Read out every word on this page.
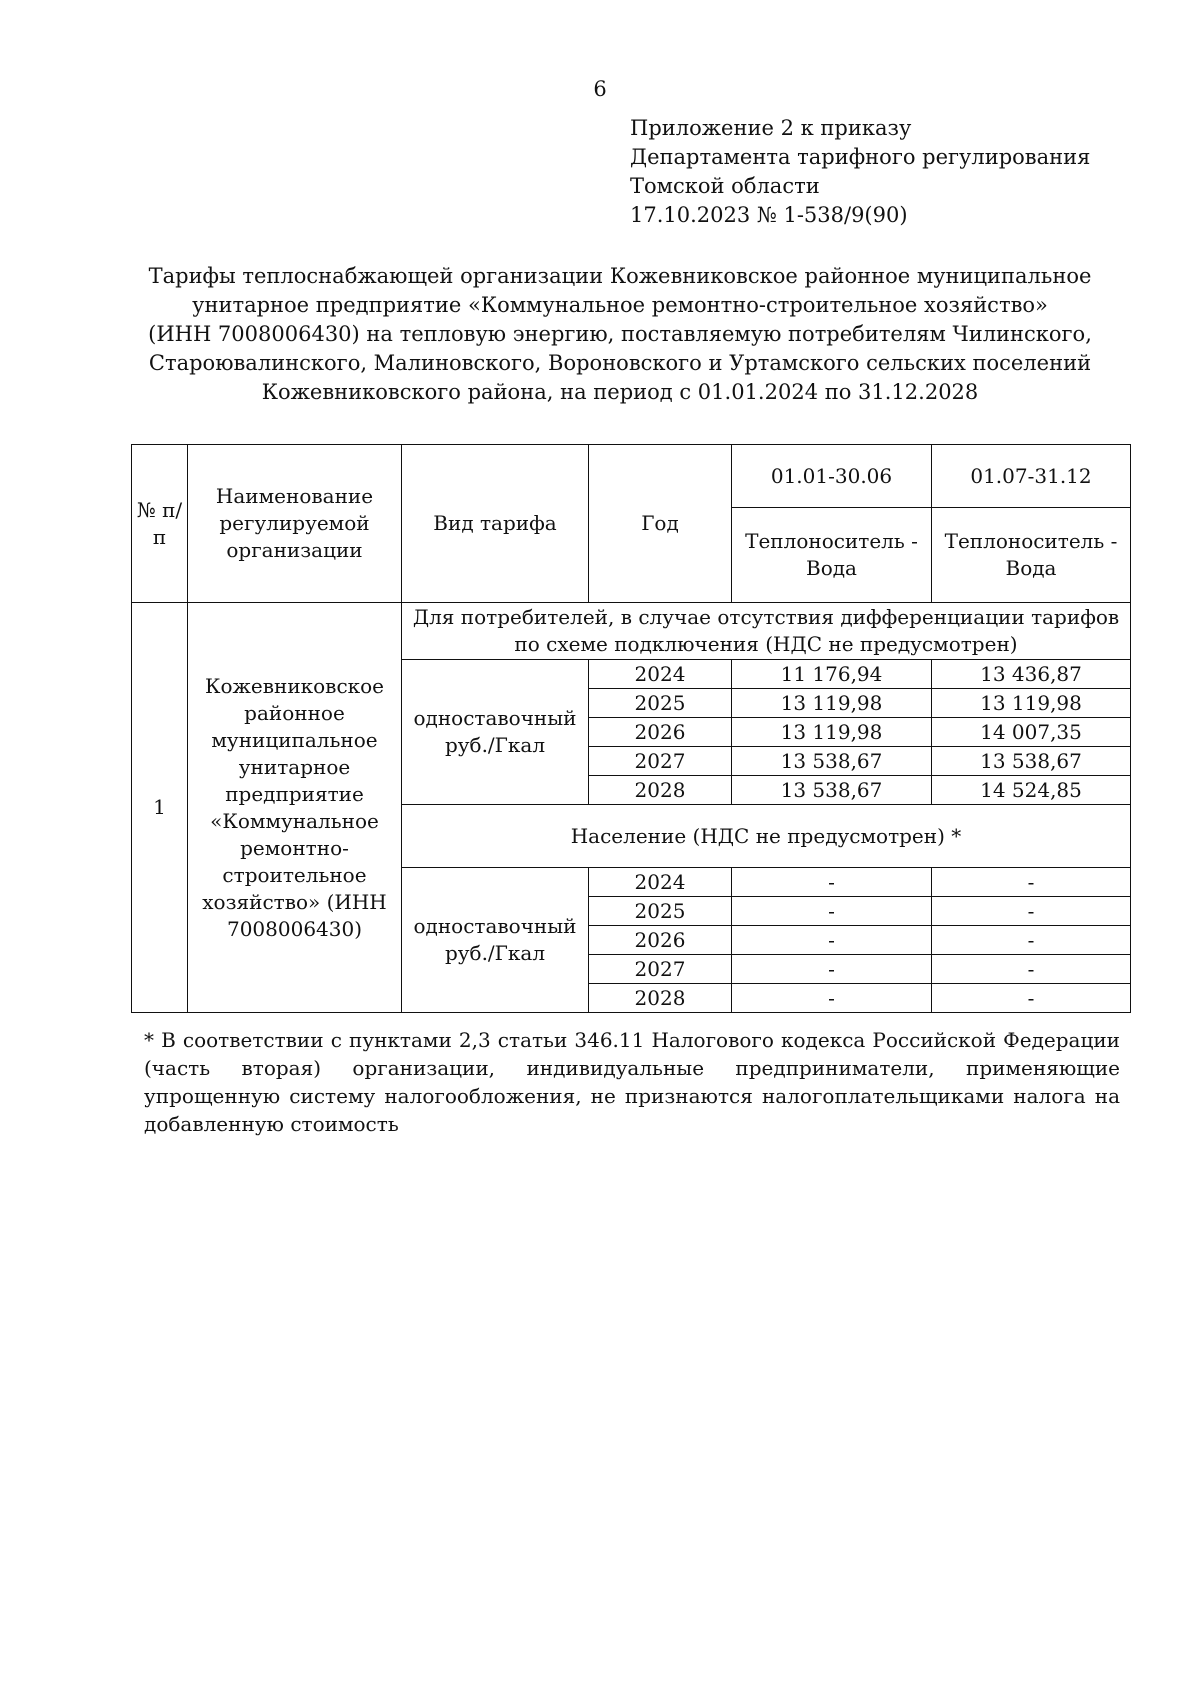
6
Приложение 2 к приказу
Департамента тарифного регулирования
Томской области
17.10.2023 № 1-538/9(90)
Тарифы теплоснабжающей организации Кожевниковское районное муниципальное
унитарное предприятие «Коммунальное ремонтно-строительное хозяйство»
(ИНН 7008006430) на тепловую энергию, поставляемую потребителям Чилинского,
Староювалинского, Малиновского, Вороновского и Уртамского сельских поселений
Кожевниковского района, на период с 01.01.2024 по 31.12.2028
№ п/п	Наименование регулируемой организации	Вид тарифа	Год	01.01-30.06	01.07-31.12
				Теплоноситель - Вода	Теплоноситель - Вода
1	Кожевниковское районное муниципальное унитарное предприятие «Коммунальное ремонтно-строительное хозяйство» (ИНН 7008006430)	Для потребителей, в случае отсутствия дифференциации тарифов по схеме подключения (НДС не предусмотрен)			
		одноставочный руб./Гкал	2024	11 176,94	13 436,87
			2025	13 119,98	13 119,98
			2026	13 119,98	14 007,35
			2027	13 538,67	13 538,67
			2028	13 538,67	14 524,85
		Население (НДС не предусмотрен) *			
		одноставочный руб./Гкал	2024	-	-
			2025	-	-
			2026	-	-
			2027	-	-
			2028	-	-
* В соответствии с пунктами 2,3 статьи 346.11 Налогового кодекса Российской Федерации (часть вторая) организации, индивидуальные предприниматели, применяющие упрощенную систему налогообложения, не признаются налогоплательщиками налога на добавленную стоимость
